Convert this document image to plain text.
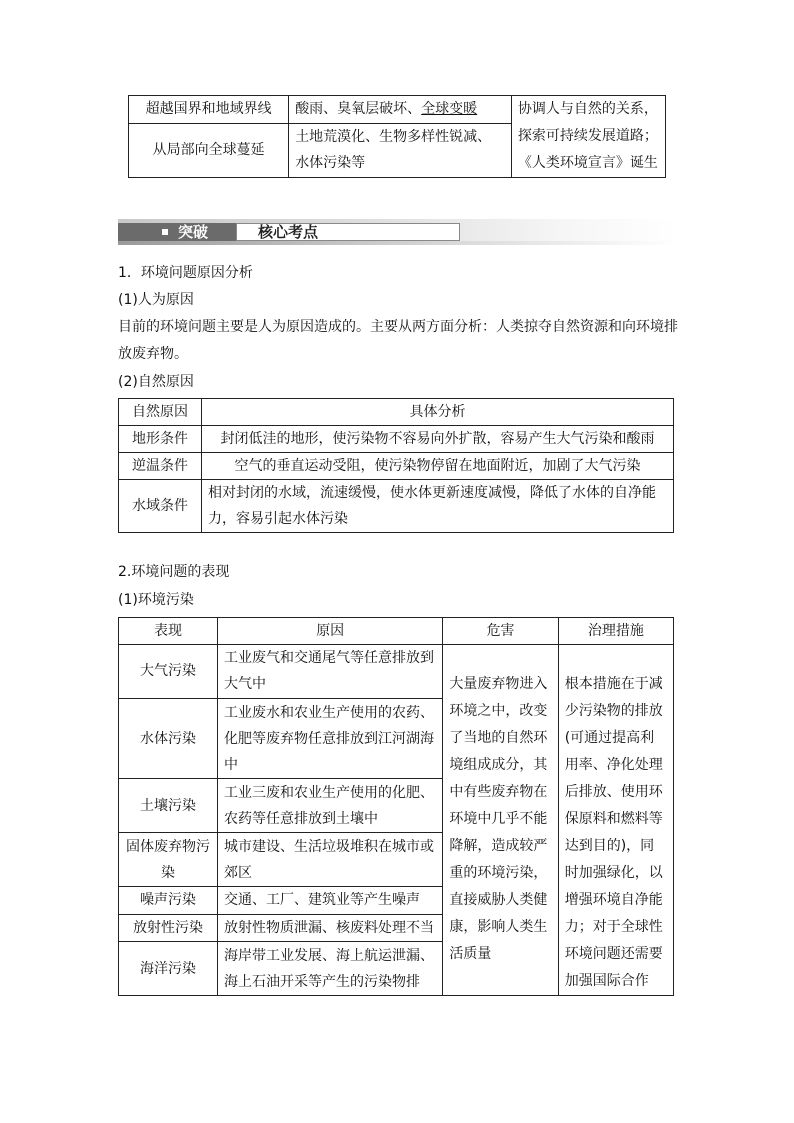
超越国界和地域界线	酸雨、臭氧层破坏、全球变暖	协调人与自然的关系，探索可持续发展道路；《人类环境宣言》诞生
从局部向全球蔓延	土地荒漠化、生物多样性锐减、水体污染等	
突破	核心考点
1．环境问题原因分析
(1)人为原因
目前的环境问题主要是人为原因造成的。主要从两方面分析：人类掠夺自然资源和向环境排
放废弃物。
(2)自然原因
自然原因	具体分析
地形条件	封闭低洼的地形，使污染物不容易向外扩散，容易产生大气污染和酸雨
逆温条件	空气的垂直运动受阻，使污染物停留在地面附近，加剧了大气污染
水域条件	相对封闭的水域，流速缓慢，使水体更新速度减慢，降低了水体的自净能力，容易引起水体污染
2.环境问题的表现
(1)环境污染
表现	原因	危害	治理措施
大气污染	工业废气和交通尾气等任意排放到大气中	大量废弃物进入环境之中，改变了当地的自然环境组成成分，其中有些废弃物在环境中几乎不能降解，造成较严重的环境污染，直接威胁人类健康，影响人类生活质量	根本措施在于减少污染物的排放(可通过提高利用率、净化处理后排放、使用环保原料和燃料等达到目的)，同时加强绿化，以增强环境自净能力；对于全球性环境问题还需要加强国际合作
水体污染	工业废水和农业生产使用的农药、化肥等废弃物任意排放到江河湖海中		
土壤污染	工业三废和农业生产使用的化肥、农药等任意排放到土壤中		
固体废弃物污染	城市建设、生活垃圾堆积在城市或郊区		
噪声污染	交通、工厂、建筑业等产生噪声		
放射性污染	放射性物质泄漏、核废料处理不当		
海洋污染	海岸带工业发展、海上航运泄漏、海上石油开采等产生的污染物排		
